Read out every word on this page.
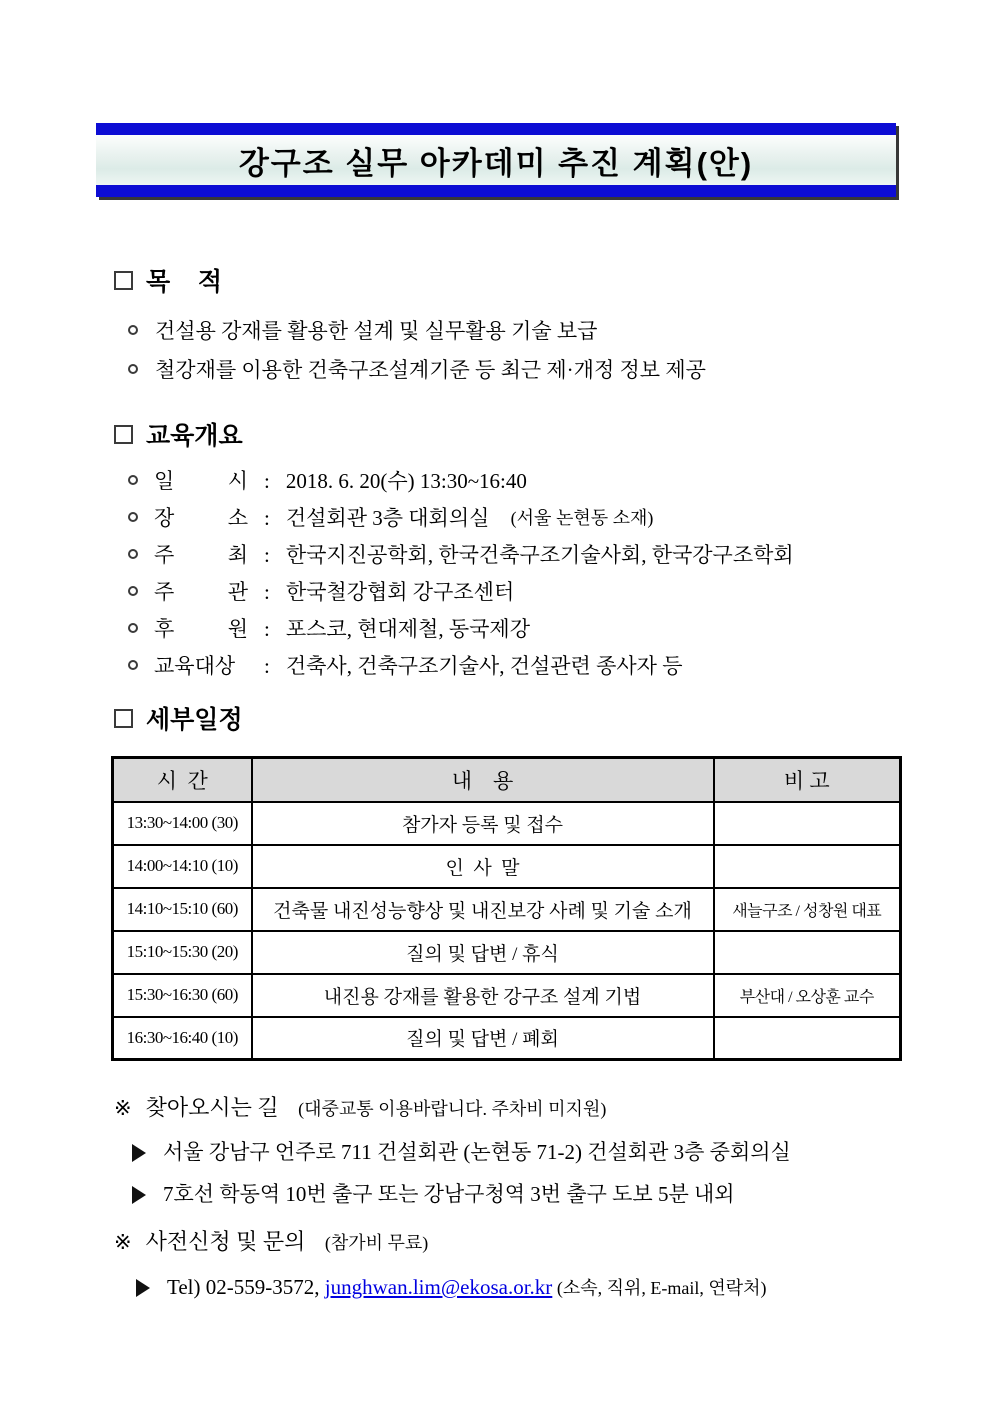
강구조 실무 아카데미 추진 계획(안)
목    적
건설용 강재를 활용한 설계 및 실무활용 기술 보급
철강재를 이용한 건축구조설계기준 등 최근 제·개정 정보 제공
교육개요
일 시 : 2018. 6. 20(수) 13:30~16:40
장 소 : 건설회관 3층 대회의실 (서울 논현동 소재)
주 최 : 한국지진공학회, 한국건축구조기술사회, 한국강구조학회
주 관 : 한국철강협회 강구조센터
후 원 : 포스코, 현대제철, 동국제강
교육대상	: 건축사, 건축구조기술사, 건설관련 종사자 등
세부일정
시  간	내    용	비 고
13:30~14:00 (30)	참가자 등록 및 접수	
14:00~14:10 (10)	인  사  말	
14:10~15:10 (60)	건축물 내진성능향상 및 내진보강 사례 및 기술 소개	새늘구조 / 성창원 대표
15:10~15:30 (20)	질의 및 답변 / 휴식	
15:30~16:30 (60)	내진용 강재를 활용한 강구조 설계 기법	부산대 / 오상훈 교수
16:30~16:40 (10)	질의 및 답변 / 폐회	
※ 찾아오시는 길 (대중교통 이용바랍니다. 주차비 미지원)
서울 강남구 언주로 711 건설회관 (논현동 71-2) 건설회관 3층 중회의실
7호선 학동역 10번 출구 또는 강남구청역 3번 출구 도보 5분 내외
※ 사전신청 및 문의 (참가비 무료)
Tel) 02-559-3572, junghwan.lim@ekosa.or.kr (소속, 직위, E-mail, 연락처)
